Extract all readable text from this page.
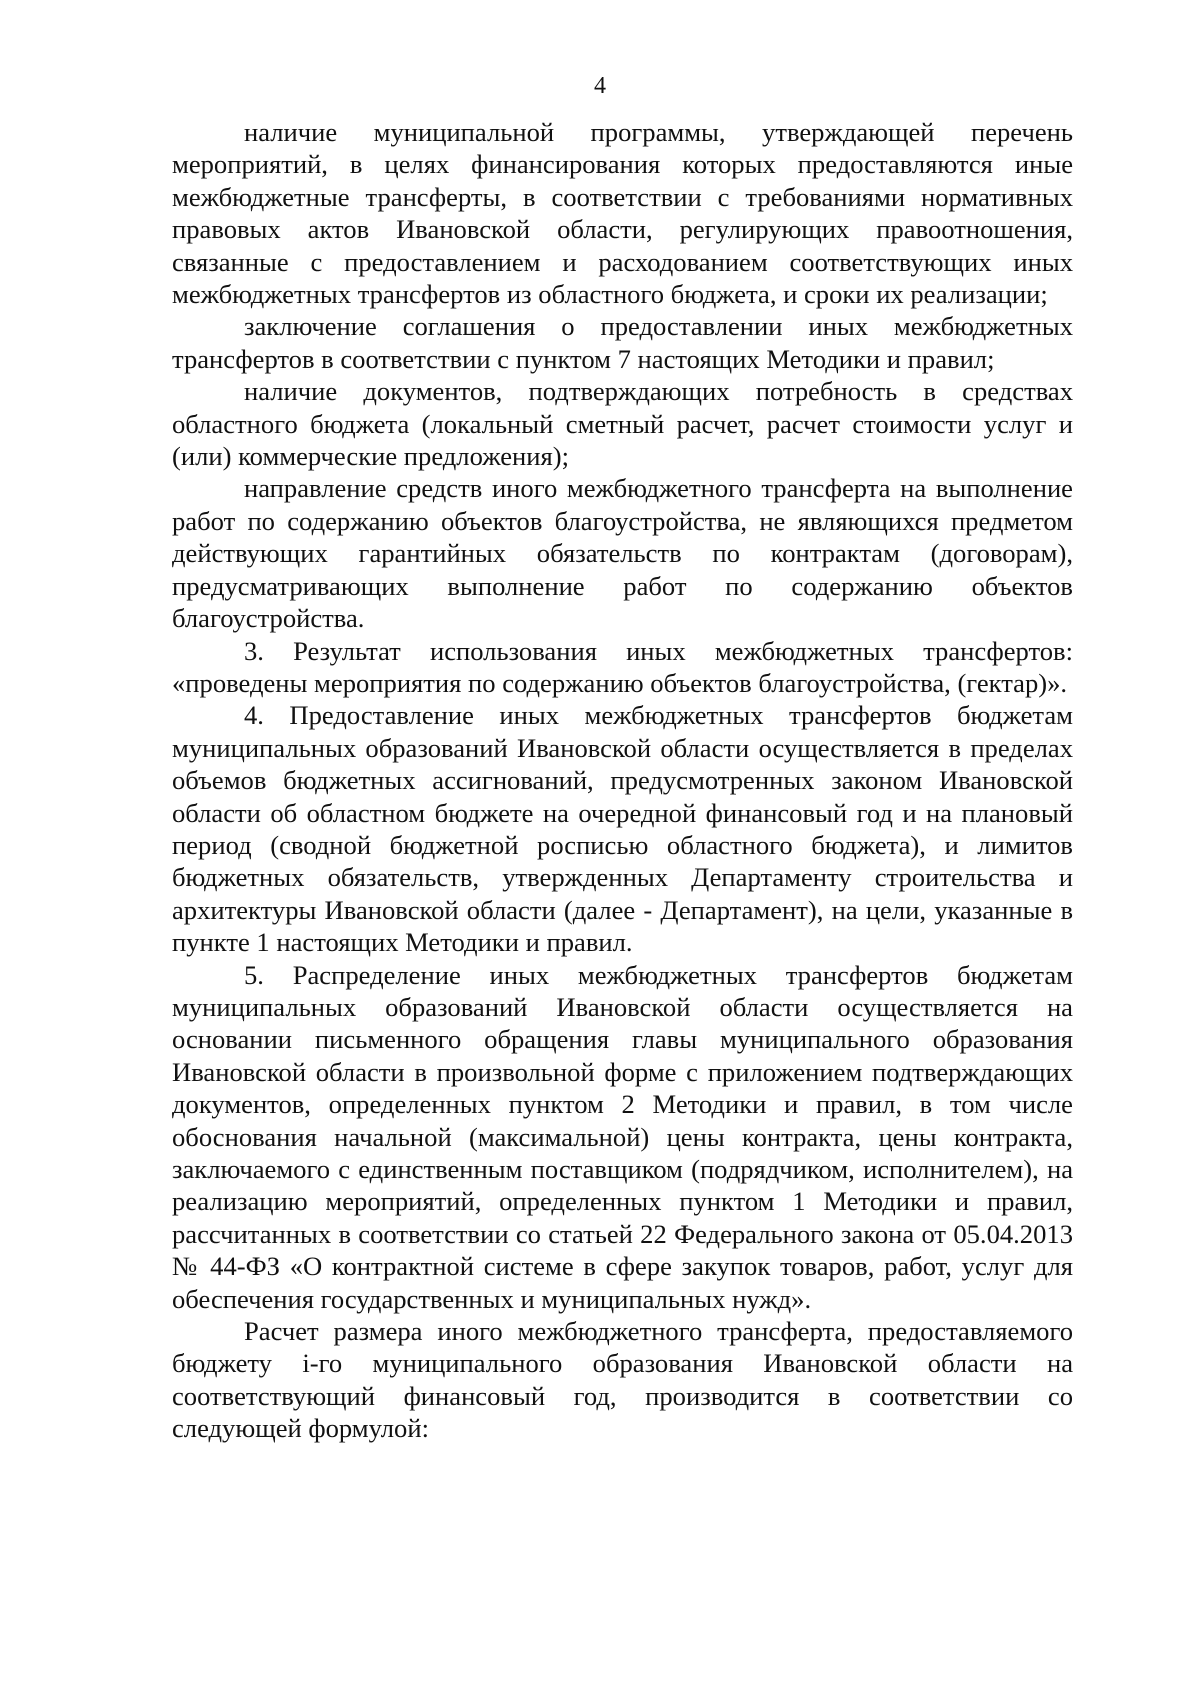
4

наличие муниципальной программы, утверждающей перечень мероприятий, в целях финансирования которых предоставляются иные межбюджетные трансферты, в соответствии с требованиями нормативных правовых актов Ивановской области, регулирующих правоотношения, связанные с предоставлением и расходованием соответствующих иных межбюджетных трансфертов из областного бюджета, и сроки их реализации;

заключение соглашения о предоставлении иных межбюджетных трансфертов в соответствии с пунктом 7 настоящих Методики и правил;

наличие документов, подтверждающих потребность в средствах областного бюджета (локальный сметный расчет, расчет стоимости услуг и (или) коммерческие предложения);

направление средств иного межбюджетного трансферта на выполнение работ по содержанию объектов благоустройства, не являющихся предметом действующих гарантийных обязательств по контрактам (договорам), предусматривающих выполнение работ по содержанию объектов благоустройства.

3. Результат использования иных межбюджетных трансфертов: «проведены мероприятия по содержанию объектов благоустройства, (гектар)».

4. Предоставление иных межбюджетных трансфертов бюджетам муниципальных образований Ивановской области осуществляется в пределах объемов бюджетных ассигнований, предусмотренных законом Ивановской области об областном бюджете на очередной финансовый год и на плановый период (сводной бюджетной росписью областного бюджета), и лимитов бюджетных обязательств, утвержденных Департаменту строительства и архитектуры Ивановской области (далее - Департамент), на цели, указанные в пункте 1 настоящих Методики и правил.

5. Распределение иных межбюджетных трансфертов бюджетам муниципальных образований Ивановской области осуществляется на основании письменного обращения главы муниципального образования Ивановской области в произвольной форме с приложением подтверждающих документов, определенных пунктом 2 Методики и правил, в том числе обоснования начальной (максимальной) цены контракта, цены контракта, заключаемого с единственным поставщиком (подрядчиком, исполнителем), на реализацию мероприятий, определенных пунктом 1 Методики и правил, рассчитанных в соответствии со статьей 22 Федерального закона от 05.04.2013 № 44-ФЗ «О контрактной системе в сфере закупок товаров, работ, услуг для обеспечения государственных и муниципальных нужд».

Расчет размера иного межбюджетного трансферта, предоставляемого бюджету i-го муниципального образования Ивановской области на соответствующий финансовый год, производится в соответствии со следующей формулой:
